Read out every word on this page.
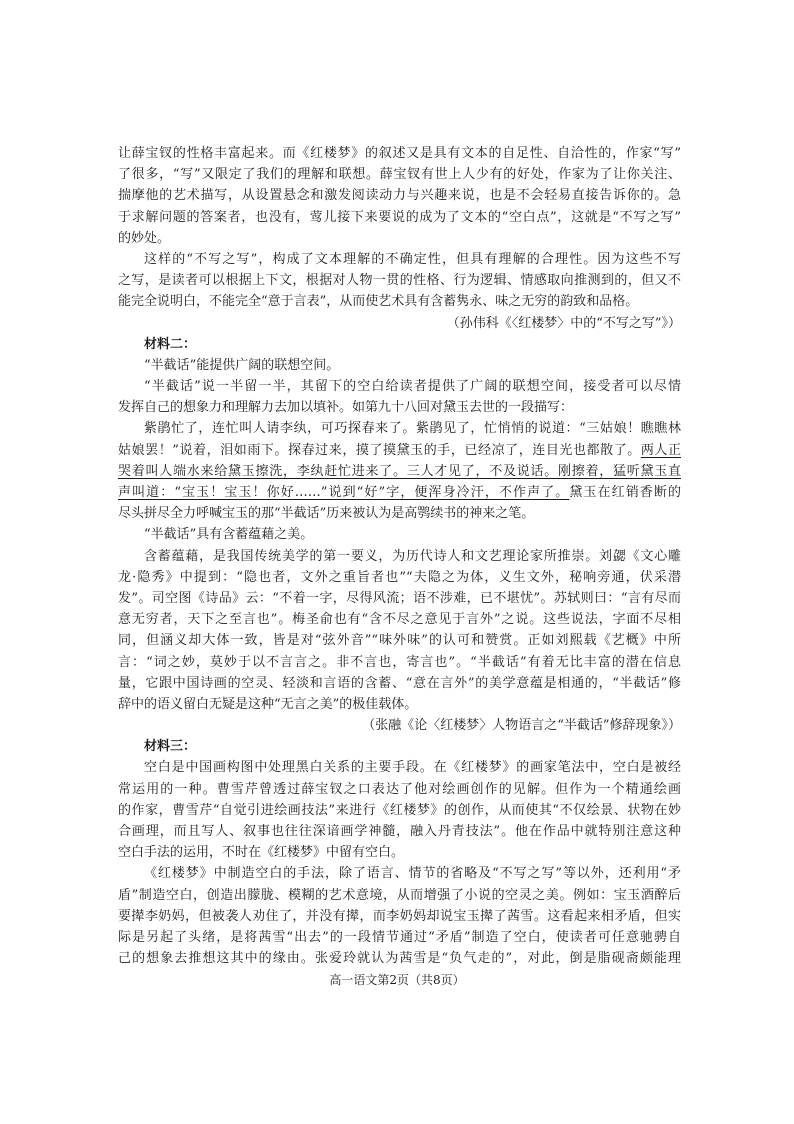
让薛宝钗的性格丰富起来。而《红楼梦》的叙述又是具有文本的自足性、自洽性的，作家“写”
了很多，“写”又限定了我们的理解和联想。薛宝钗有世上人少有的好处，作家为了让你关注、
揣摩他的艺术描写，从设置悬念和激发阅读动力与兴趣来说，也是不会轻易直接告诉你的。急
于求解问题的答案者，也没有，莺儿接下来要说的成为了文本的“空白点”，这就是“不写之写”
的妙处。
这样的“不写之写”，构成了文本理解的不确定性，但具有理解的合理性。因为这些不写
之写，是读者可以根据上下文，根据对人物一贯的性格、行为逻辑、情感取向推测到的，但又不
能完全说明白，不能完全“意于言表”，从而使艺术具有含蓄隽永、味之无穷的韵致和品格。
（孙伟科《〈红楼梦〉中的“不写之写”》）
材料二：
“半截话”能提供广阔的联想空间。
“半截话”说一半留一半，其留下的空白给读者提供了广阔的联想空间，接受者可以尽情
发挥自己的想象力和理解力去加以填补。如第九十八回对黛玉去世的一段描写：
紫鹃忙了，连忙叫人请李纨，可巧探春来了。紫鹃见了，忙悄悄的说道：“三姑娘！瞧瞧林
姑娘罢！”说着，泪如雨下。探春过来，摸了摸黛玉的手，已经凉了，连目光也都散了。两人正
哭着叫人端水来给黛玉擦洗，李纨赶忙进来了。三人才见了，不及说话。刚擦着，猛听黛玉直
声叫道：“宝玉！宝玉！你好……”说到“好”字，便浑身冷汗，不作声了。黛玉在红销香断的
尽头拼尽全力呼喊宝玉的那“半截话”历来被认为是高鹗续书的神来之笔。
“半截话”具有含蓄蕴藉之美。
含蓄蕴藉，是我国传统美学的第一要义，为历代诗人和文艺理论家所推崇。刘勰《文心雕
龙·隐秀》中提到：“隐也者，文外之重旨者也”“夫隐之为体，义生文外，秘响旁通，伏采潜
发”。司空图《诗品》云：“不着一字，尽得风流；语不涉难，已不堪忧”。苏轼则曰：“言有尽而
意无穷者，天下之至言也”。梅圣俞也有“含不尽之意见于言外”之说。这些说法，字面不尽相
同，但涵义却大体一致，皆是对“弦外音”“味外味”的认可和赞赏。正如刘熙载《艺概》中所
言：“词之妙，莫妙于以不言言之。非不言也，寄言也”。“半截话”有着无比丰富的潜在信息
量，它跟中国诗画的空灵、轻淡和言语的含蓄、“意在言外”的美学意蕴是相通的，“半截话”修
辞中的语义留白无疑是这种“无言之美”的极佳载体。
（张融《论〈红楼梦〉人物语言之“半截话”修辞现象》）
材料三：
空白是中国画构图中处理黑白关系的主要手段。在《红楼梦》的画家笔法中，空白是被经
常运用的一种。曹雪芹曾透过薛宝钗之口表达了他对绘画创作的见解。但作为一个精通绘画
的作家，曹雪芹“自觉引进绘画技法”来进行《红楼梦》的创作，从而使其“不仅绘景、状物在妙
合画理，而且写人、叙事也往往深谙画学神髓，融入丹青技法”。他在作品中就特别注意这种
空白手法的运用，不时在《红楼梦》中留有空白。
《红楼梦》中制造空白的手法，除了语言、情节的省略及“不写之写”等以外，还利用“矛
盾”制造空白，创造出朦胧、模糊的艺术意境，从而增强了小说的空灵之美。例如：宝玉酒醉后
要撵李奶妈，但被袭人劝住了，并没有撵，而李奶妈却说宝玉撵了茜雪。这看起来相矛盾，但实
际是另起了头绪，是将茜雪“出去”的一段情节通过“矛盾”制造了空白，使读者可任意驰骋自
己的想象去推想这其中的缘由。张爱玲就认为茜雪是“负气走的”，对此，倒是脂砚斋颇能理
高一语文第2页（共8页）
